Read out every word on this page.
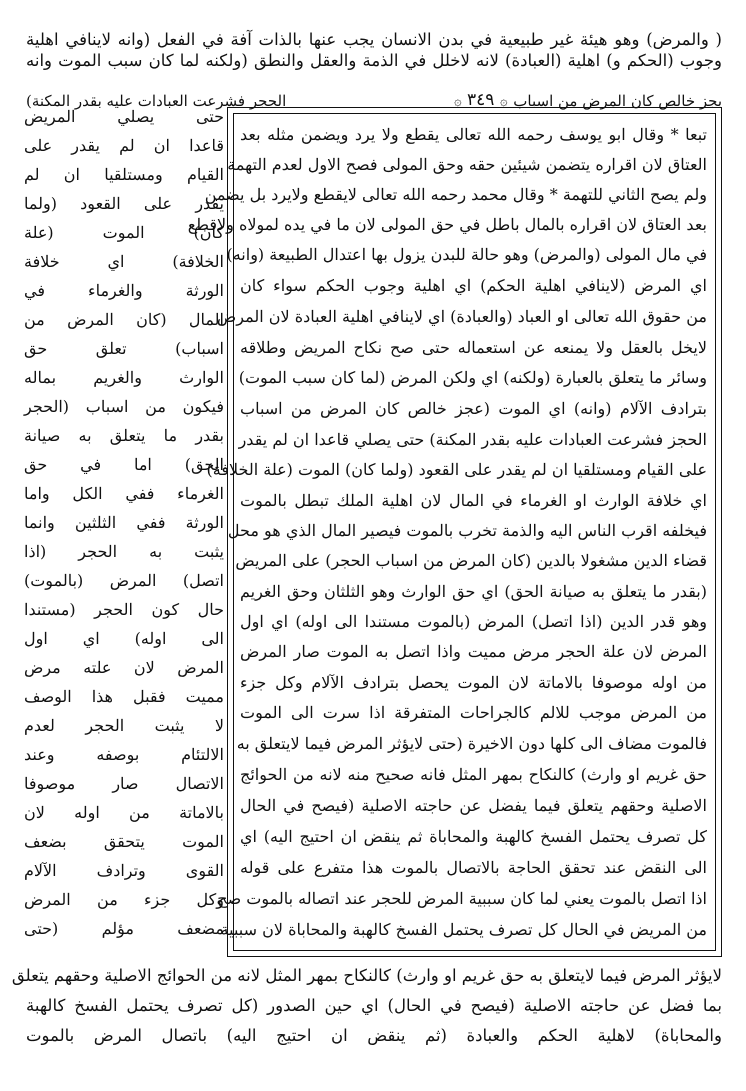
( والمرض) وهو هيئة غير طبيعية في بدن الانسان يجب عنها بالذات آفة في الفعل (وانه لاينافي اهلية
وجوب (الحكم و) اهلية (العبادة) لانه لاخلل في الذمة والعقل والنطق (ولكنه لما كان سبب الموت وانه
بجز خالص كان المرض من اسباب
۞ ٣٤٩ ۞
الحجر فشرعت العبادات عليه بقدر المكنة)
تبعا * وقال ابو يوسف رحمه الله تعالى يقطع ولا يرد ويضمن مثله بعد
العتاق لان اقراره يتضمن شيئين حقه وحق المولى فصح الاول لعدم التهمة
ولم يصح الثاني للتهمة * وقال محمد رحمه الله تعالى لايقطع ولايرد بل يضمن
بعد العتاق لان اقراره بالمال باطل في حق المولى لان ما في يده لمولاه ولاقطع
في مال المولى (والمرض) وهو حالة للبدن يزول بها اعتدال الطبيعة (وانه)
اي المرض (لاينافي اهلية الحكم) اي اهلية وجوب الحكم سواء كان
من حقوق الله تعالى او العباد (والعبادة) اي لاينافي اهلية العبادة لان المرض
لايخل بالعقل ولا يمنعه عن استعماله حتى صح نكاح المريض وطلاقه
وسائر ما يتعلق بالعبارة (ولكنه) اي ولكن المرض (لما كان سبب الموت)
بترادف الآلام (وانه) اي الموت (عجز خالص كان المرض من اسباب
الحجز فشرعت العبادات عليه بقدر المكنة) حتى يصلي قاعدا ان لم يقدر
على القيام ومستلقيا ان لم يقدر على القعود (ولما كان) الموت (علة الخلافة)
اي خلافة الوارث او الغرماء في المال لان اهلية الملك تبطل بالموت
فيخلفه اقرب الناس اليه والذمة تخرب بالموت فيصير المال الذي هو محل
قضاء الدين مشغولا بالدين (كان المرض من اسباب الحجر) على المريض
(بقدر ما يتعلق به صيانة الحق) اي حق الوارث وهو الثلثان وحق الغريم
وهو قدر الدين (اذا اتصل) المرض (بالموت مستندا الى اوله) اي اول
المرض لان علة الحجر مرض مميت واذا اتصل به الموت صار المرض
من اوله موصوفا بالاماتة لان الموت يحصل بترادف الآلام وكل جزء
من المرض موجب للالم كالجراحات المتفرقة اذا سرت الى الموت
فالموت مضاف الى كلها دون الاخيرة (حتى لايؤثر المرض فيما لايتعلق به
حق غريم او وارث) كالنكاح بمهر المثل فانه صحيح منه لانه من الحوائج
الاصلية وحقهم يتعلق فيما يفضل عن حاجته الاصلية (فيصح في الحال
كل تصرف يحتمل الفسخ كالهبة والمحاباة ثم ينقض ان احتيج اليه) اي
الى النقض عند تحقق الحاجة بالاتصال بالموت هذا متفرع على قوله
اذا اتصل بالموت يعني لما كان سببية المرض للحجر عند اتصاله بالموت صح
من المريض في الحال كل تصرف يحتمل الفسخ كالهبة والمحاباة لان سببية
حتى يصلي المريض
قاعدا ان لم يقدر على
القيام ومستلقيا ان لم
يقدر على القعود (ولما
كان) الموت (علة
الخلافة) اي خلافة
الورثة والغرماء في
المال (كان المرض من
اسباب) تعلق حق
الوارث والغريم بماله
فيكون من اسباب (الحجر
بقدر ما يتعلق به صيانة
الحق) اما في حق
الغرماء ففي الكل واما
الورثة ففي الثلثين وانما
يثبت به الحجر (اذا
اتصل) المرض (بالموت)
حال كون الحجر (مستندا
الى اوله) اي اول
المرض لان علته مرض
مميت فقبل هذا الوصف
لا يثبت الحجر لعدم
الالتئام بوصفه وعند
الاتصال صار موصوفا
بالاماتة من اوله لان
الموت يتحقق بضعف
القوى وترادف الآلام
وكل جزء من المرض
مضعف مؤلم (حتى
لايؤثر المرض فيما لايتعلق به حق غريم او وارث) كالنكاح بمهر المثل لانه من الحوائج الاصلية وحقهم يتعلق
بما فضل عن حاجته الاصلية (فيصح في الحال) اي حين الصدور (كل تصرف يحتمل الفسخ كالهبة
والمحاباة) لاهلية الحكم والعبادة (ثم ينقض ان احتيج اليه) باتصال المرض بالموت
